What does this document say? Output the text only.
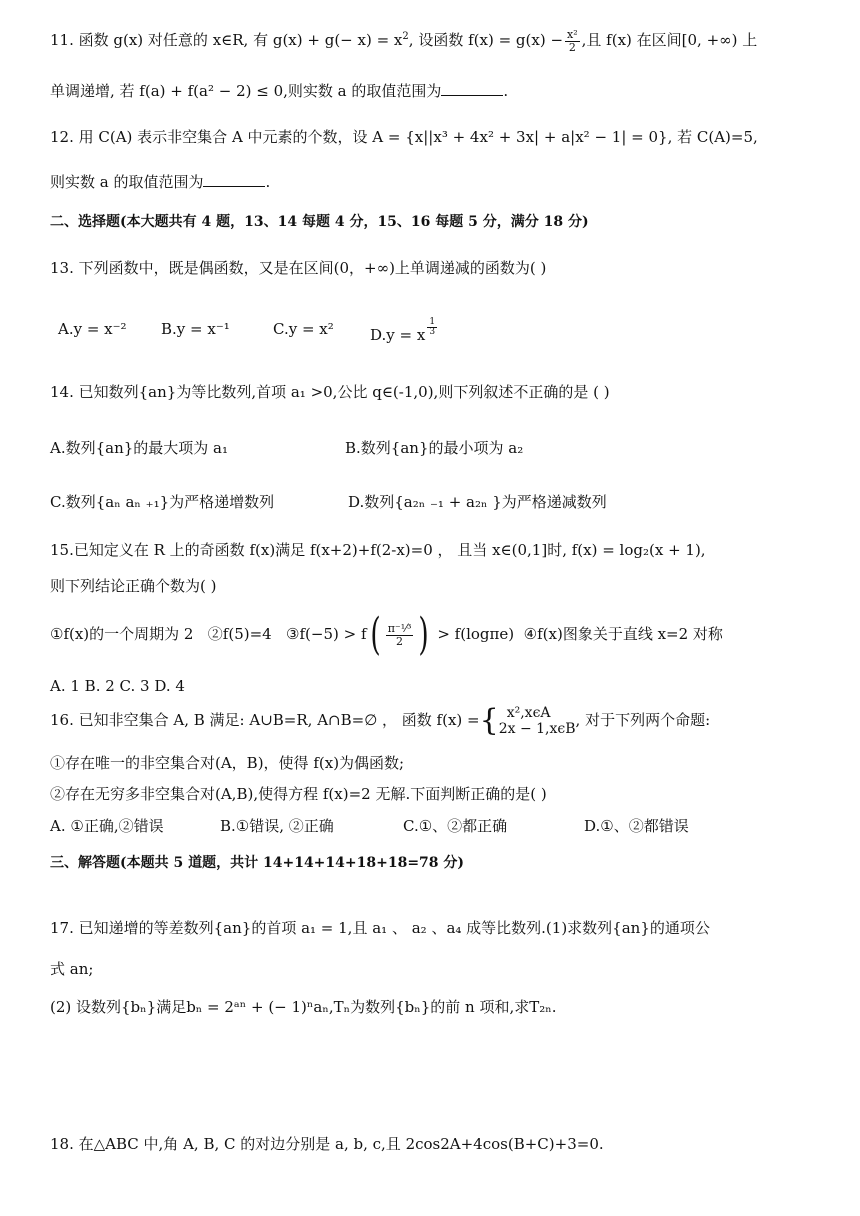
11. 函数 g(x) 对任意的 x∈R, 有 $g(x) + g(- x) = x^2$, 设函数 $f(x) = g(x) - \frac{\text{x²}}{2}$ ,且 f(x) 在区间[0, +∞) 上
单调递增, 若 f(a) + f(a² − 2) ≤ 0,则实数 a 的取值范围为	.
12. 用 C(A) 表示非空集合 A 中元素的个数，设 A = {x||x³ + 4x² + 3x| + a|x² − 1| = 0}, 若 C(A)=5,
则实数 a 的取值范围为	.
二、选择题(本大题共有 4 题，13、14 每题 4 分，15、16 每题 5 分，满分 18 分)
13. 下列函数中，既是偶函数，又是在区间(0，+∞)上单调递减的函数为( )
A.y = x⁻² B.y = x⁻¹	C.y = x² D.y = x $\frac{1}{3}$
14. 已知数列{an}为等比数列,首项 a₁ >0,公比 q∈(-1,0),则下列叙述不正确的是 ( )
A.数列{an}的最大项为 a₁	B.数列{an}的最小项为 a₂
C.数列{aₙ aₙ ₊₁}为严格递增数列	D.数列{a₂ₙ ₋₁ + a₂ₙ }为严格递减数列
15.已知定义在 R 上的奇函数 f(x)满足 f(x+2)+f(2-x)=0 ， 且当 x∈(0,1]时, f(x) = log₂(x + 1),
则下列结论正确个数为( )
①f(x)的一个周期为 2 ②f(5)=4 ③f(−5) > $f( \frac{\text{π⁻¹⁄³}}{2}$ ) > f(logπe) ④f(x)图象关于直线 x=2 对称
A. 1 B. 2 C. 3 D. 4
16. 已知非空集合 A, B 满足: A∪B=R, A∩B=∅ ， 函数 f(x) ={ x²,xϵA
2x − 1,xϵB , 对于下列两个命题:
①存在唯一的非空集合对(A，B)，使得 f(x)为偶函数;
②存在无穷多非空集合对(A,B),使得方程 f(x)=2 无解.下面判断正确的是( )
A. ①正确,②错误	B.①错误, ②正确	C.①、②都正确	D.①、②都错误
三、解答题(本题共 5 道题，共计 14+14+14+18+18=78 分)
17. 已知递增的等差数列{an}的首项 a₁ = 1,且 a₁ 、 a₂ 、a₄ 成等比数列.(1)求数列{an}的通项公
式 an;
(2) 设数列{bₙ}满足bₙ = 2ᵃⁿ + (− 1)ⁿaₙ,Tₙ为数列{bₙ}的前 n 项和,求T₂ₙ.
18. 在△ABC 中,角 A, B, C 的对边分别是 a, b, c,且 2cos2A+4cos(B+C)+3=0.
